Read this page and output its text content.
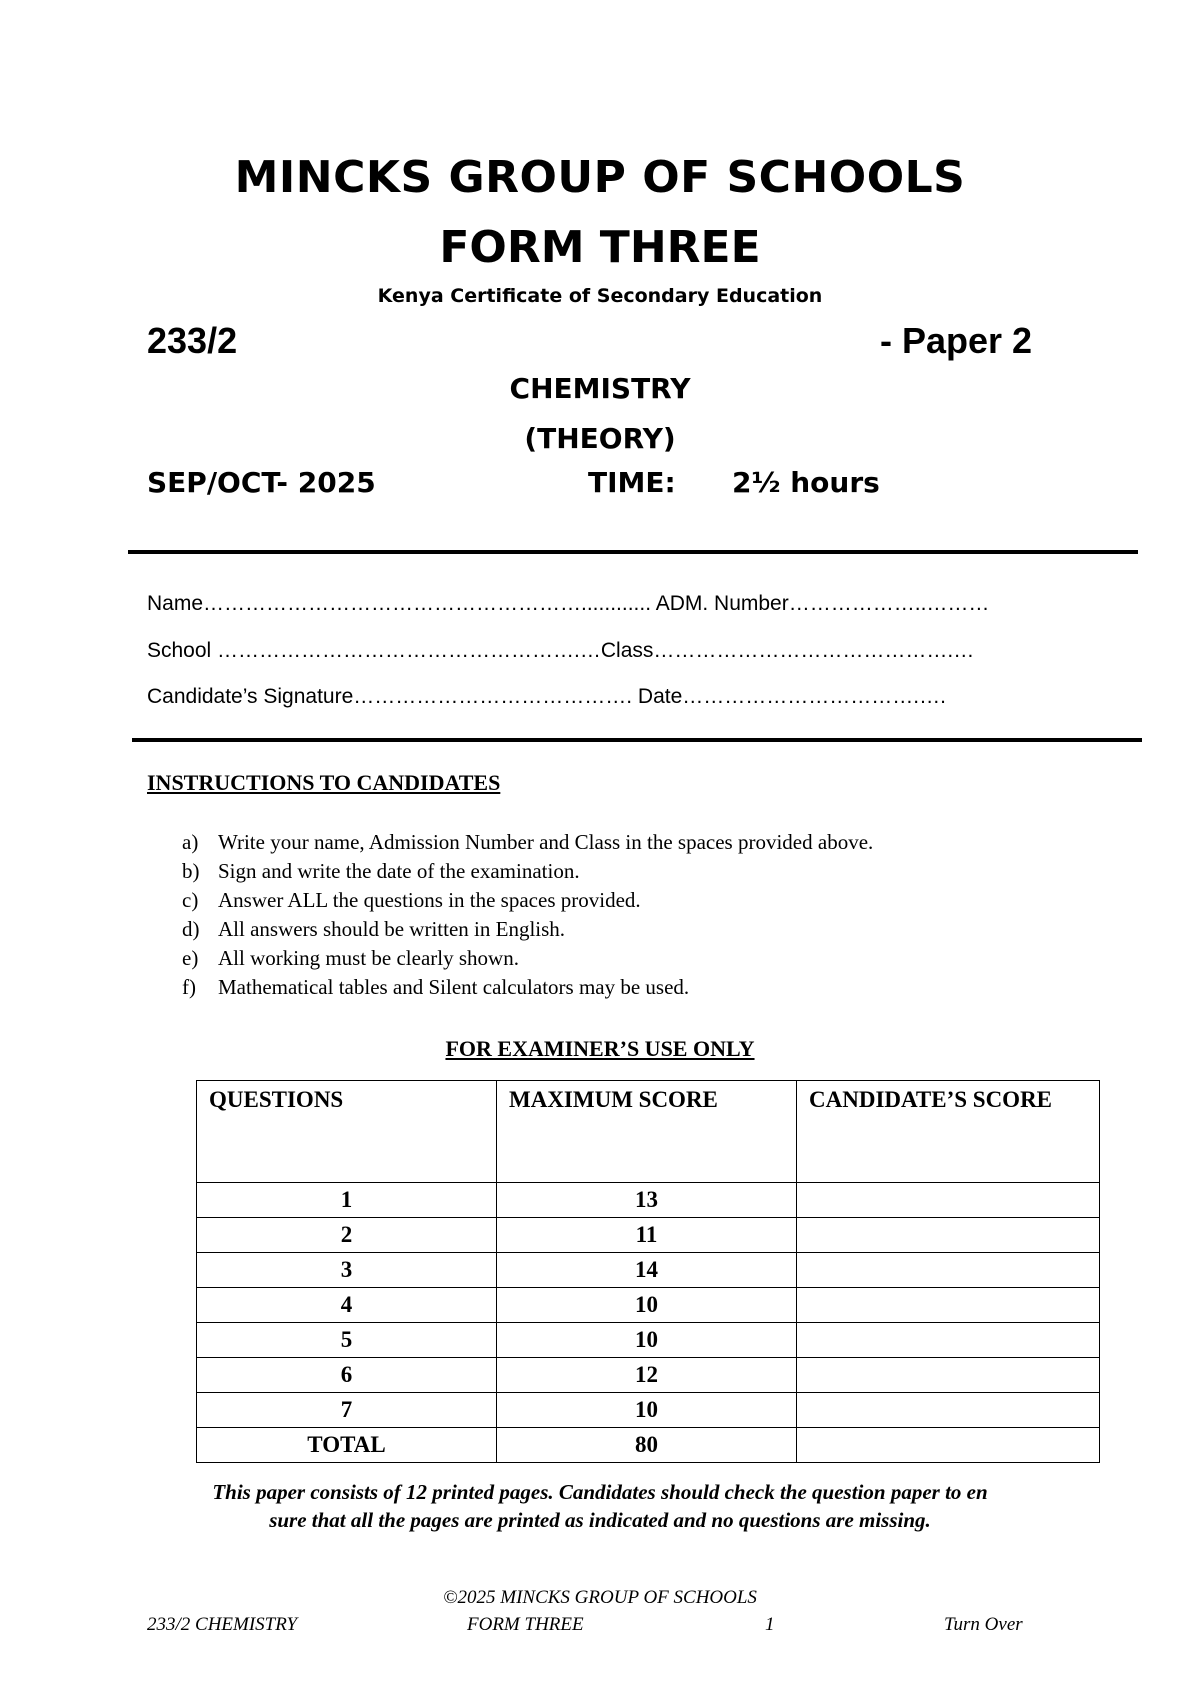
MINCKS GROUP OF SCHOOLS
FORM THREE
Kenya Certificate of Secondary Education
233/2	- Paper 2
CHEMISTRY
(THEORY)
SEP/OCT- 2025	TIME: 2½ hours
Name………………………………………………............ ADM. Number………………..………
School …………………………………………….…Class…………………………………….…
Candidate’s Signature…………………………………. Date…………………………….….
INSTRUCTIONS TO CANDIDATES
a) Write your name, Admission Number and Class in the spaces provided above.
b) Sign and write the date of the examination.
c) Answer ALL the questions in the spaces provided.
d) All answers should be written in English.
e) All working must be clearly shown.
f)	Mathematical tables and Silent calculators may be used.
FOR EXAMINER’S USE ONLY
QUESTIONS	MAXIMUM SCORE	CANDIDATE’S SCORE
1	13	
2	11	
3	14	
4	10	
5	10	
6	12	
7	10	
TOTAL	80	
This paper consists of 12 printed pages. Candidates should check the question paper to en
sure that all the pages are printed as indicated and no questions are missing.
©2025 MINCKS GROUP OF SCHOOLS
233/2 CHEMISTRY	FORM THREE	1	Turn Over
